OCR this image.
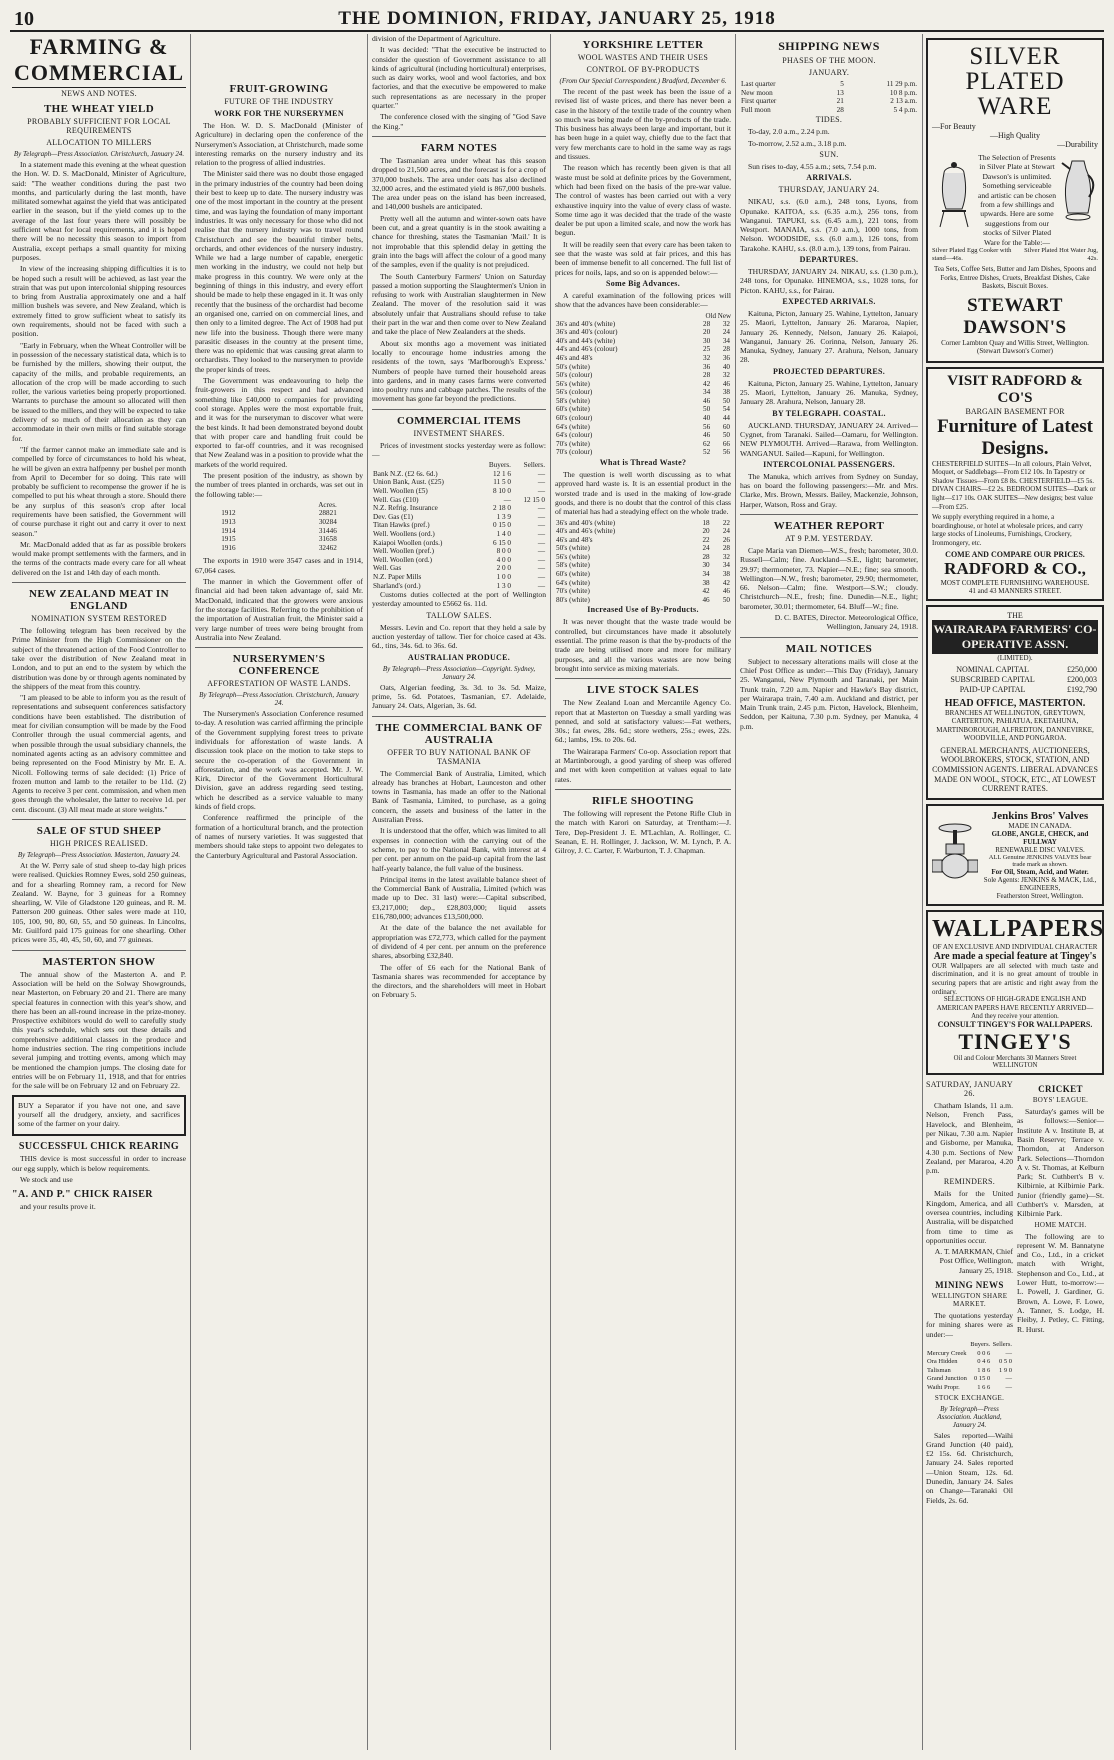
10	THE DOMINION, FRIDAY, JANUARY 25, 1918
FARMING & COMMERCIAL
NEWS AND NOTES.
THE WHEAT YIELD
PROBABLY SUFFICIENT FOR LOCAL REQUIREMENTS
ALLOCATION TO MILLERS
By Telegraph—Press Association. Christchurch, January 24.

In a statement made this evening at the wheat question the Hon. W. D. S. MacDonald, Minister of Agriculture, said: "The weather conditions during the past two months, and particularly during the last month, have militated somewhat against the yield that was anticipated earlier in the season, but if the yield comes up to the average of the last four years there will possibly be sufficient wheat for local requirements, and it is hoped there will be no necessity this season to import from Australia, except perhaps a small quantity for mixing purposes.

In view of the increasing shipping difficulties it is to be hoped such a result will be achieved, as last year the strain that was put upon intercolonial shipping resources to bring from Australia approximately one and a half million bushels was severe, and New Zealand, which is extremely fitted to grow sufficient wheat to satisfy its own requirements, should not be faced with such a position.

"Early in February, when the Wheat Controller will be in possession of the necessary statistical data, which is to be furnished by the millers, showing their output, the capacity of the mills, and probable requirements, an allocation of the crop will be made according to such roller, the various varieties being properly proportioned. Warrants to purchase the amount so allocated will then be issued to the millers, and they will be expected to take delivery of so much of their allocation as they can accommodate in their own mills or find suitable storage for.

"If the farmer cannot make an immediate sale and is compelled by force of circumstances to hold his wheat, he will be given an extra halfpenny per bushel per month from April to December for so doing. This rate will probably be sufficient to recompense the grower if he is compelled to put his wheat through a store. Should there be any surplus of this season's crop after local requirements have been satisfied, the Government will of course purchase it right out and carry it over to next season."

Mr. MacDonald added that as far as possible brokers would make prompt settlements with the farmers, and in the terms of the contracts made every care for all wheat delivered on the 1st and 14th day of each month.

NEW ZEALAND MEAT IN ENGLAND
NOMINATION SYSTEM RESTORED

The following telegram has been received by the Prime Minister from the High Commissioner on the subject of the threatened action of the Food Controller to take over the distribution of New Zealand meat in London, and to put an end to the system by which the distribution was done by or through agents nominated by the shippers of the meat from this country.

"I am pleased to be able to inform you as the result of representations and subsequent conferences satisfactory conditions have been established. The distribution of meat for civilian consumption will be made by the Food Controller through the usual commercial agents, and when possible through the usual subsidiary channels, the nominated agents acting as an advisory committee and being represented on the Food Ministry by Mr. E. A. Nicoll. Following terms of sale decided: (1) Price of frozen mutton and lamb to the retailer to be 11d. (2) Agents to receive 3 per cent. commission, and when men goes through the wholesaler, the latter to receive 1d. per cent. discount. (3) All meat made at store weights."

SALE OF STUD SHEEP
HIGH PRICES REALISED.
By Telegraph—Press Association. Masterton, January 24.

At the W. Perry sale of stud sheep to-day high prices were realised. Quickies Romney Ewes, sold 250 guineas, and for a shearling Romney ram, a record for New Zealand. W. Bayne, for 3 guineas for a Romney shearling, W. Vile of Gladstone 120 guineas, and R. M. Patterson 200 guineas. Other sales were made at 110, 105, 100, 90, 80, 60, 55, and 50 guineas. In Lincolns, Mr. Guilford paid 175 guineas for one shearling. Other prices were 35, 40, 45, 50, 60, and 77 guineas.

MASTERTON SHOW

The annual show of the Masterton A. and P. Association will be held on the Solway Showgrounds, near Masterton, on February 20 and 21. There are many special features in connection with this year's show, and there has been an all-round increase in the prize-money. Prospective exhibitors would do well to carefully study this year's schedule, which sets out these details and comprehensive additional classes in the produce and home industries section. The ring competitions include several jumping and trotting events, among which may be mentioned the champion jumps. The closing date for entries will be on February 11, 1918, and that for entries for the sale will be on February 12 and on February 22.

BUY a Separator if you have not one, and save yourself all the drudgery, anxiety, and sacrifices some of the farmer on your dairy.

SUCCESSFUL CHICK REARING

THIS device is most successful in order to increase our egg supply, which is below requirements.

We stock and use

"A. AND P." CHICK RAISER

and your results prove it.

FRUIT-GROWING
FUTURE OF THE INDUSTRY
WORK FOR THE NURSERYMEN

The Hon. W. D. S. MacDonald (Minister of Agriculture) in declaring open the conference of the Nurserymen's Association, at Christchurch, made some interesting remarks on the nursery industry and its relation to the progress of allied industries.

The Minister said there was no doubt those engaged in the primary industries of the country had been doing their best to keep up to date. The nursery industry was one of the most important in the country at the present time, and was laying the foundation of many important industries. It was only necessary for those who did not realise that the nursery industry was to travel round Christchurch and see the beautiful timber belts, orchards, and other evidences of the nursery industry. While we had a large number of capable, energetic men working in the industry, we could not help but make progress in this country. We were only at the beginning of things in this industry, and every effort should be made to help these engaged in it. It was only recently that the business of the orchardist had become an organised one, carried on on commercial lines, and then only to a limited degree. The Act of 1908 had put new life into the business. Though there were many parasitic diseases in the country at the present time, there was no epidemic that was causing great alarm to orchardists. They looked to the nurserymen to provide the proper kinds of trees.

The Government was endeavouring to help the fruit-growers in this respect and had advanced something like £40,000 to companies for providing cool storage. Apples were the most exportable fruit, and it was for the nurseryman to discover what were the best kinds. It had been demonstrated beyond doubt that with proper care and handling fruit could be exported to far-off countries, and it was recognised that New Zealand was in a position to provide what the markets of the world required.

The present position of the industry, as shown by the number of trees planted in orchards, was set out in the following table:—

	Acres.
1912	28821
1913	30284
1914	31446
1915	31658
1916	32462

The exports in 1910 were 3547 cases and in 1914, 67,064 cases.

The manner in which the Government offer of financial aid had been taken advantage of, said Mr. MacDonald, indicated that the growers were anxious for the storage facilities. Referring to the prohibition of the importation of Australian fruit, the Minister said a very large number of trees were being brought from Australia into New Zealand.

NURSERYMEN'S CONFERENCE
AFFORESTATION OF WASTE LANDS.
By Telegraph—Press Association. Christchurch, January 24.

The Nurserymen's Association Conference resumed to-day. A resolution was carried affirming the principle of the Government supplying forest trees to private individuals for afforestation of waste lands. A discussion took place on the motion to take steps to secure the co-operation of the Government in afforestation, and the work was accepted. Mr. J. W. Kirk, Director of the Government Horticultural Division, gave an address regarding seed testing, which he described as a service valuable to many kinds of field crops.

Conference reaffirmed the principle of the formation of a horticultural branch, and the protection of names of nursery varieties. It was suggested that members should take steps to appoint two delegates to the Canterbury Agricultural and Pastoral Association.

division of the Department of Agriculture.

It was decided: "That the executive be instructed to consider the question of Government assistance to all kinds of agricultural (including horticultural) enterprises, such as dairy works, wool and wool factories, and box factories, and that the executive be empowered to make such representations as are necessary in the proper quarter."

The conference closed with the singing of "God Save the King."

FARM NOTES

The Tasmanian area under wheat has this season dropped to 21,500 acres, and the forecast is for a crop of 370,000 bushels. The area under oats has also declined 32,000 acres, and the estimated yield is 867,000 bushels. The area under peas on the island has been increased, and 140,000 bushels are anticipated.

Pretty well all the autumn and winter-sown oats have been cut, and a great quantity is in the stook awaiting a chance for threshing, states the Tasmanian 'Mail.' It is not improbable that this splendid delay in getting the grain into the bags will affect the colour of a good many of the samples, even if the quality is not prejudiced.

The South Canterbury Farmers' Union on Saturday passed a motion supporting the Slaughtermen's Union in refusing to work with Australian slaughtermen in New Zealand. The mover of the resolution said it was absolutely unfair that Australians should refuse to take their part in the war and then come over to New Zealand and take the place of New Zealanders at the sheds.

About six months ago a movement was initiated locally to encourage home industries among the residents of the town, says 'Marlborough's Express.' Numbers of people have turned their household areas into gardens, and in many cases farms were converted into poultry runs and cabbage patches. The results of the movement has gone far beyond the predictions.

COMMERCIAL ITEMS
INVESTMENT SHARES.

Prices of investment stocks yesterday were as follow:—

	Buyers.	Sellers.
Bank N.Z. (£2 6s. 6d.)	12 1 6	—
Union Bank, Aust. (£25)	11 5 0	—
Well. Woollen (£5)	8 10 0	—
Well. Gas (£10)	—	12 15 0
N.Z. Refrig. Insurance	2 18 0	—
Dev. Gas (£1)	1 3 9	—
Titan Hawks (pref.)	0 15 0	—
Well. Woollens (ord.)	1 4 0	—
Kaiapoi Woollen (ords.)	6 15 0	—
Well. Woollen (pref.)	8 0 0	—
Well. Woollen (ord.)	4 0 0	—
Well. Gas	2 0 0	—
N.Z. Paper Mills	1 0 0	—
Sharland's (ord.)	1 3 0	—

Customs duties collected at the port of Wellington yesterday amounted to £5662 6s. 11d.

TALLOW SALES.

Messrs. Levin and Co. report that they held a sale by auction yesterday of tallow. Tier for choice cased at 43s. 6d., tins, 34s. 6d. to 36s. 6d.

AUSTRALIAN PRODUCE.
By Telegraph—Press Association—Copyright. Sydney, January 24.

Oats, Algerian feeding, 3s. 3d. to 3s. 5d. Maize, prime, 5s. 6d. Potatoes, Tasmanian, £7. Adelaide, January 24. Oats, Algerian, 3s. 6d.

THE COMMERCIAL BANK OF AUSTRALIA
OFFER TO BUY NATIONAL BANK OF TASMANIA

The Commercial Bank of Australia, Limited, which already has branches at Hobart, Launceston and other towns in Tasmania, has made an offer to the National Bank of Tasmania, Limited, to purchase, as a going concern, the assets and business of the latter in the Australian Press.

It is understood that the offer, which was limited to all expenses in connection with the carrying out of the scheme, to pay to the National Bank, with interest at 4 per cent. per annum on the paid-up capital from the last half-yearly balance, the full value of the business.

Principal items in the latest available balance sheet of the Commercial Bank of Australia, Limited (which was made up to Dec. 31 last) were:—Capital subscribed, £3,217,000; dep., £28,803,000; liquid assets £16,780,000; advances £13,500,000.

At the date of the balance the net available for appropriation was £72,773, which called for the payment of dividend of 4 per cent. per annum on the preference shares, absorbing £32,840.

The offer of £6 each for the National Bank of Tasmania shares was recommended for acceptance by the directors, and the shareholders will meet in Hobart on February 5.

YORKSHIRE LETTER
WOOL WASTES AND THEIR USES
CONTROL OF BY-PRODUCTS
(From Our Special Correspondent.) Bradford, December 6.

The recent of the past week has been the issue of a revised list of waste prices, and there has never been a case in the history of the textile trade of the country when so much was being made of the by-products of the trade. This business has always been large and important, but it has been huge in a quiet way, chiefly due to the fact that very few merchants care to hold in the same way as rags and tissues.

The reason which has recently been given is that all waste must be sold at definite prices by the Government, which had been fixed on the basis of the pre-war value. The control of wastes has been carried out with a very exhaustive inquiry into the value of every class of waste. Some time ago it was decided that the trade of the waste dealer be put upon a limited scale, and now the work has begun.

It will be readily seen that every care has been taken to see that the waste was sold at fair prices, and this has been of immense benefit to all concerned. The full list of prices for noils, laps, and so on is appended below:—

Some Big Advances.

A careful examination of the following prices will show that the advances have been considerable:—

Old New
36's and 40's (white)	28	32
36's and 40's (colour)	20	24
40's and 44's (white)	30	34
44's and 46's (colour)	25	28
46's and 48's	32	36
50's (white)	36	40
50's (colour)	28	32
56's (white)	42	46
56's (colour)	34	38
58's (white)	46	50
60's (white)	50	54
60's (colour)	40	44
64's (white)	56	60
64's (colour)	46	50
70's (white)	62	66
70's (colour)	52	56
What is Thread Waste?

The question is well worth discussing as to what approved hard waste is. It is an essential product in the worsted trade and is used in the making of low-grade goods, and there is no doubt that the control of this class of material has had a steadying effect on the whole trade.

36's and 40's (white)	18	22
40's and 46's (white)	20	24
46's and 48's	22	26
50's (white)	24	28
56's (white)	28	32
58's (white)	30	34
60's (white)	34	38
64's (white)	38	42
70's (white)	42	46
80's (white)	46	50
Increased Use of By-Products.

It was never thought that the waste trade would be controlled, but circumstances have made it absolutely essential. The prime reason is that the by-products of the trade are being utilised more and more for military purposes, and all the various wastes are now being brought into service as mixing materials.

LIVE STOCK SALES

The New Zealand Loan and Mercantile Agency Co. report that at Masterton on Tuesday a small yarding was penned, and sold at satisfactory values:—Fat wethers, 30s.; fat ewes, 28s. 6d.; store wethers, 25s.; ewes, 22s. 6d.; lambs, 19s. to 20s. 6d.

The Wairarapa Farmers' Co-op. Association report that at Martinborough, a good yarding of sheep was offered and met with keen competition at values equal to late rates.

RIFLE SHOOTING

The following will represent the Petone Rifle Club in the match with Karori on Saturday, at Trentham:—J. Tere, Dep-President J. E. M'Lachlan, A. Rollinger, C. Seanan, E. H. Rollinger, J. Jackson, W. M. Lynch, P. A. Gilroy, J. C. Carter, F. Warburton, T. J. Chapman.

SHIPPING NEWS
PHASES OF THE MOON.
JANUARY.
Last quarter	5	11 29 p.m.
New moon	13	10 8 p.m.
First quarter	21	2 13 a.m.
Full moon	28	5 4 p.m.
TIDES.

To-day, 2.0 a.m., 2.24 p.m.

To-morrow, 2.52 a.m., 3.18 p.m.

SUN.

Sun rises to-day, 4.55 a.m.; sets, 7.54 p.m.

ARRIVALS.
THURSDAY, JANUARY 24.

NIKAU, s.s. (6.0 a.m.), 248 tons, Lyons, from Opunake. KAITOA, s.s. (6.35 a.m.), 256 tons, from Wanganui. TAPUKI, s.s. (6.45 a.m.), 221 tons, from Westport. MANAIA, s.s. (7.0 a.m.), 1000 tons, from Nelson. WOODSIDE, s.s. (6.0 a.m.), 126 tons, from Tarakohe. KAHU, s.s. (8.0 a.m.), 139 tons, from Pairau.

DEPARTURES.

THURSDAY, JANUARY 24. NIKAU, s.s. (1.30 p.m.), 248 tons, for Opunake. HINEMOA, s.s., 1028 tons, for Picton. KAHU, s.s., for Pairau.

EXPECTED ARRIVALS.

Kaituna, Picton, January 25. Wahine, Lyttelton, January 25. Maori, Lyttelton, January 26. Mararoa, Napier, January 26. Kennedy, Nelson, January 26. Kaiapoi, Wanganui, January 26. Corinna, Nelson, January 26. Manuka, Sydney, January 27. Arahura, Nelson, January 28.

PROJECTED DEPARTURES.

Kaituna, Picton, January 25. Wahine, Lyttelton, January 25. Maori, Lyttelton, January 26. Manuka, Sydney, January 28. Arahura, Nelson, January 28.

BY TELEGRAPH. COASTAL.

AUCKLAND. THURSDAY, JANUARY 24. Arrived—Cygnet, from Taranaki. Sailed—Oamaru, for Wellington. NEW PLYMOUTH. Arrived—Rarawa, from Wellington. WANGANUI. Sailed—Kapuni, for Wellington.

INTERCOLONIAL PASSENGERS.

The Manuka, which arrives from Sydney on Sunday, has on board the following passengers:—Mr. and Mrs. Clarke, Mrs. Brown, Messrs. Bailey, Mackenzie, Johnson, Harper, Watson, Ross and Gray.

WEATHER REPORT
AT 9 P.M. YESTERDAY.

Cape Maria van Diemen—W.S., fresh; barometer, 30.0. Russell—Calm; fine. Auckland—S.E., light; barometer, 29.97; thermometer, 73. Napier—N.E.; fine; sea smooth. Wellington—N.W., fresh; barometer, 29.90; thermometer, 66. Nelson—Calm; fine. Westport—S.W.; cloudy. Christchurch—N.E., fresh; fine. Dunedin—N.E., light; barometer, 30.01; thermometer, 64. Bluff—W.; fine.

D. C. BATES, Director. Meteorological Office, Wellington, January 24, 1918.

MAIL NOTICES

Subject to necessary alterations mails will close at the Chief Post Office as under:—This Day (Friday), January 25. Wanganui, New Plymouth and Taranaki, per Main Trunk train, 7.20 a.m. Napier and Hawke's Bay district, per Wairarapa train, 7.40 a.m. Auckland and district, per Main Trunk train, 2.45 p.m. Picton, Havelock, Blenheim, Seddon, per Kaituna, 7.30 p.m. Sydney, per Manuka, 4 p.m.

SILVER PLATED WARE
—For Beauty
—High Quality
—Durability
The Selection of Presents in Silver Plate at Stewart Dawson's is unlimited. Something serviceable and artistic can be chosen from a few shillings and upwards. Here are some suggestions from our stocks of Silver Plated Ware for the Table:—
Silver Plated Egg Cooker with stand—46s.
Silver Plated Hot Water Jug, 42s.
Tea Sets, Coffee Sets, Butter and Jam Dishes, Spoons and Forks, Entree Dishes, Cruets, Breakfast Dishes, Cake Baskets, Biscuit Boxes.
STEWART DAWSON'S
Corner Lambton Quay and Willis Street, Wellington.
(Stewart Dawson's Corner)
VISIT RADFORD & CO'S
BARGAIN BASEMENT FOR
Furniture of Latest Designs.
CHESTERFIELD SUITES—In all colours, Plain Velvet, Moquet, or Saddlebags—From £12 10s. In Tapestry or Shadow Tissues—From £8 8s. CHESTERFIELD—£5 5s. DIVAN CHAIRS—£2 2s. BEDROOM SUITES—Dark or light—£17 10s. OAK SUITES—New designs; best value—From £25.
We supply everything required in a home, a boardinghouse, or hotel at wholesale prices, and carry large stocks of Linoleums, Furnishings, Crockery, Ironmongery, etc.
COME AND COMPARE OUR PRICES.
RADFORD & CO.,
MOST COMPLETE FURNISHING WAREHOUSE.
41 and 43 MANNERS STREET.
THE
WAIRARAPA FARMERS' CO-OPERATIVE ASSN.
(LIMITED).
NOMINAL CAPITAL	£250,000
SUBSCRIBED CAPITAL	£200,003
PAID-UP CAPITAL	£192,790
HEAD OFFICE, MASTERTON.
BRANCHES AT WELLINGTON, GREYTOWN, CARTERTON, PAHIATUA, EKETAHUNA, MARTINBOROUGH, ALFREDTON, DANNEVIRKE, WOODVILLE, AND PONGAROA.
GENERAL MERCHANTS, AUCTIONEERS, WOOLBROKERS, STOCK, STATION, AND COMMISSION AGENTS. LIBERAL ADVANCES MADE ON WOOL, STOCK, ETC., AT LOWEST CURRENT RATES.
Jenkins Bros' Valves
MADE IN CANADA.
GLOBE, ANGLE, CHECK, and FULLWAY
RENEWABLE DISC VALVES.
ALL Genuine JENKINS VALVES bear trade mark as shown.
For Oil, Steam, Acid, and Water.
Sole Agents: JENKINS & MACK, Ltd.,
ENGINEERS,
Featherston Street, Wellington.
WALLPAPERS
OF AN EXCLUSIVE AND INDIVIDUAL CHARACTER
Are made a special feature at Tingey's
OUR Wallpapers are all selected with much taste and discrimination, and it is no great amount of trouble in securing papers that are artistic and right away from the ordinary.
SELECTIONS OF HIGH-GRADE ENGLISH AND AMERICAN PAPERS HAVE RECENTLY ARRIVED—
And they receive your attention.
CONSULT TINGEY'S FOR WALLPAPERS.
TINGEY'S
Oil and Colour Merchants 30 Manners Street WELLINGTON
SATURDAY, JANUARY 26.

Chatham Islands, 11 a.m. Nelson, French Pass, Havelock, and Blenheim, per Nikau, 7.30 a.m. Napier and Gisborne, per Manuka, 4.30 p.m. Sections of New Zealand, per Mararoa, 4.20 p.m.

REMINDERS.

Mails for the United Kingdom, America, and all oversea countries, including Australia, will be dispatched from time to time as opportunities occur.

A. T. MARKMAN, Chief Post Office, Wellington, January 25, 1918.

MINING NEWS
WELLINGTON SHARE MARKET.

The quotations yesterday for mining shares were as under:—

	Buyers.	Sellers.
Mercury Creek	0 0 6	—
Ora Hidden	0 4 6	0 5 0
Talisman	1 8 6	1 9 0
Grand Junction	0 15 0	—
Waihi Propr.	1 6 6	—
STOCK EXCHANGE.
By Telegraph—Press Association. Auckland, January 24.

Sales reported—Waihi Grand Junction (40 paid), £2 15s. 6d. Christchurch, January 24. Sales reported—Union Steam, 12s. 6d. Dunedin, January 24. Sales on Change—Taranaki Oil Fields, 2s. 6d.

CRICKET
BOYS' LEAGUE.

Saturday's games will be as follows:—Senior—Institute A v. Institute B, at Basin Reserve; Terrace v. Thorndon, at Anderson Park. Selections—Thorndon A v. St. Thomas, at Kelburn Park; St. Cuthbert's B v. Kilbirnie, at Kilbirnie Park. Junior (friendly game)—St. Cuthbert's v. Marsden, at Kilbirnie Park.

HOME MATCH.

The following are to represent W. M. Bannatyne and Co., Ltd., in a cricket match with Wright, Stephenson and Co., Ltd., at Lower Hutt, to-morrow:—L. Powell, J. Gardiner, G. Brown, A. Lowe, F. Lowe, A. Tanner, S. Lodge, H. Fleiby, J. Petley, C. Fitting, R. Hurst.
